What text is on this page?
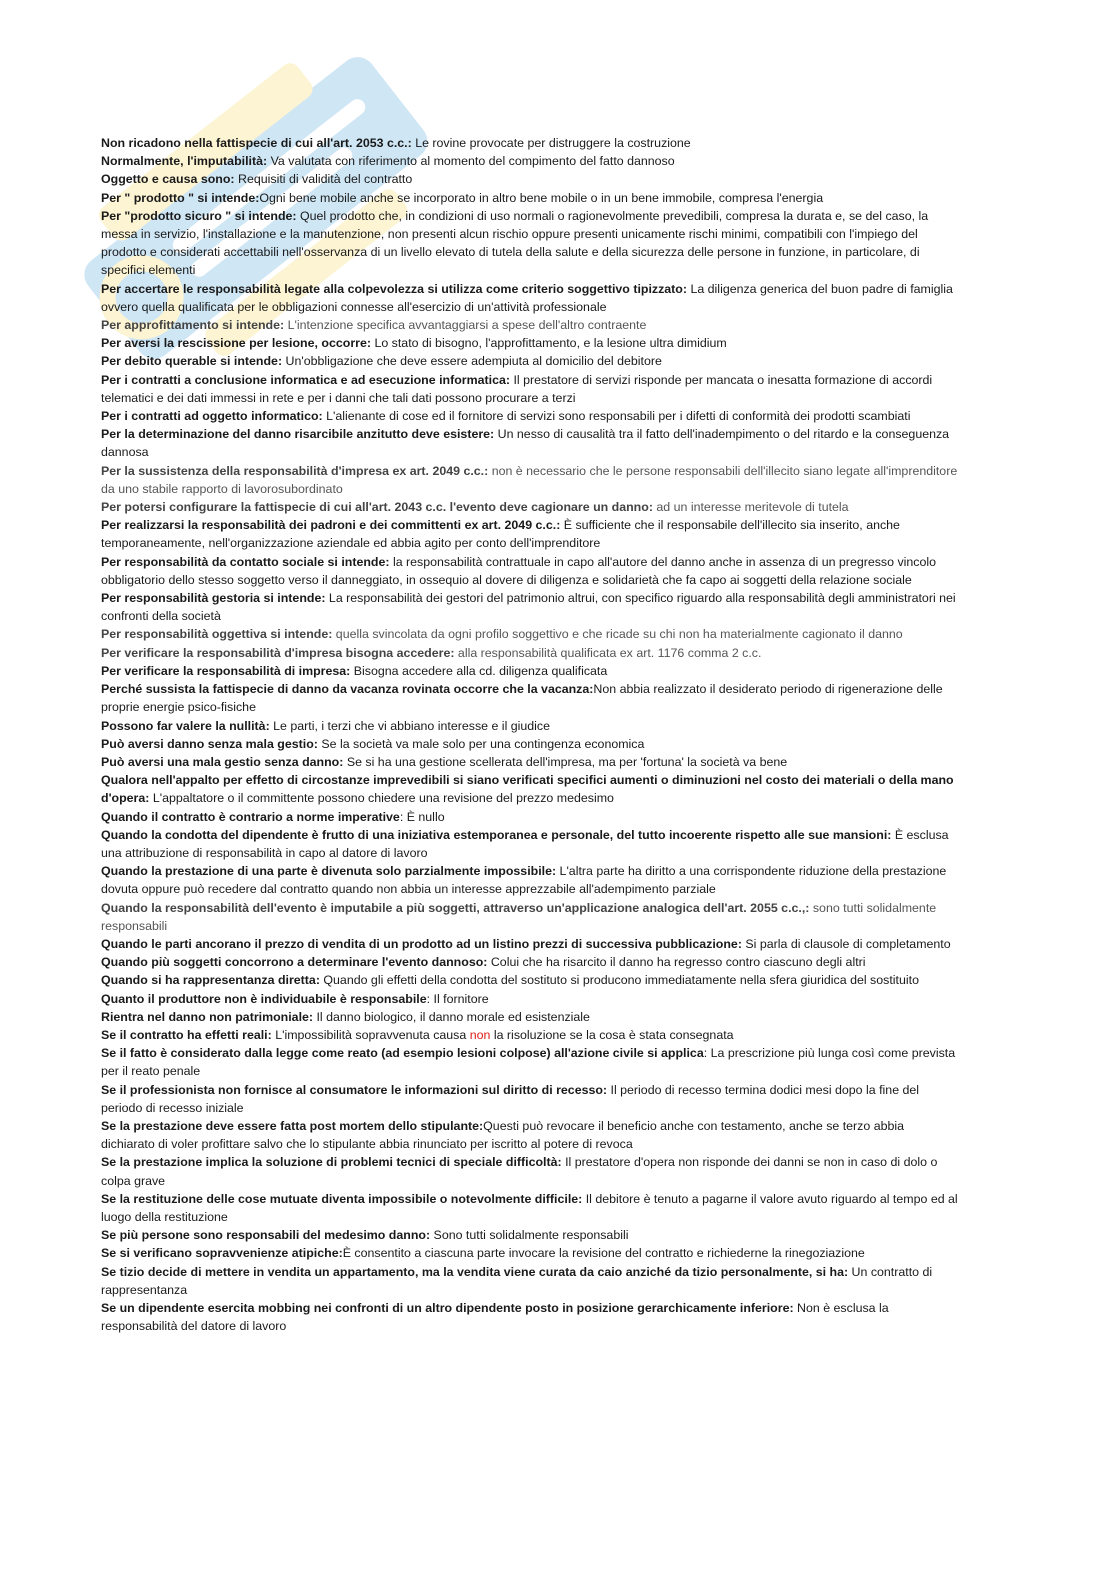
Non ricadono nella fattispecie di cui all'art. 2053 c.c.: Le rovine provocate per distruggere la costruzione

Normalmente, l'imputabilità: Va valutata con riferimento al momento del compimento del fatto dannoso

Oggetto e causa sono: Requisiti di validità del contratto

Per " prodotto " si intende:Ogni bene mobile anche se incorporato in altro bene mobile o in un bene immobile, compresa l'energia

Per "prodotto sicuro " si intende: Quel prodotto che, in condizioni di uso normali o ragionevolmente prevedibili, compresa la durata e, se del caso, la messa in servizio, l'installazione e la manutenzione, non presenti alcun rischio oppure presenti unicamente rischi minimi, compatibili con l'impiego del prodotto e considerati accettabili nell'osservanza di un livello elevato di tutela della salute e della sicurezza delle persone in funzione, in particolare, di specifici elementi

Per accertare le responsabilità legate alla colpevolezza si utilizza come criterio soggettivo tipizzato: La diligenza generica del buon padre di famiglia ovvero quella qualificata per le obbligazioni connesse all'esercizio di un'attività professionale

Per approfittamento si intende: L'intenzione specifica avvantaggiarsi a spese dell'altro contraente

Per aversi la rescissione per lesione, occorre: Lo stato di bisogno, l'approfittamento, e la lesione ultra dimidium

Per debito querable si intende: Un'obbligazione che deve essere adempiuta al domicilio del debitore

Per i contratti a conclusione informatica e ad esecuzione informatica: Il prestatore di servizi risponde per mancata o inesatta formazione di accordi telematici e dei dati immessi in rete e per i danni che tali dati possono procurare a terzi

Per i contratti ad oggetto informatico: L'alienante di cose ed il fornitore di servizi sono responsabili per i difetti di conformità dei prodotti scambiati

Per la determinazione del danno risarcibile anzitutto deve esistere: Un nesso di causalità tra il fatto dell'inadempimento o del ritardo e la conseguenza dannosa

Per la sussistenza della responsabilità d'impresa ex art. 2049 c.c.: non è necessario che le persone responsabili dell'illecito siano legate all'imprenditore da uno stabile rapporto di lavorosubordinato

Per potersi configurare la fattispecie di cui all'art. 2043 c.c. l'evento deve cagionare un danno: ad un interesse meritevole di tutela

Per realizzarsi la responsabilità dei padroni e dei committenti ex art. 2049 c.c.: È sufficiente che il responsabile dell'illecito sia inserito, anche temporaneamente, nell'organizzazione aziendale ed abbia agito per conto dell'imprenditore

Per responsabilità da contatto sociale si intende: la responsabilità contrattuale in capo all'autore del danno anche in assenza di un pregresso vincolo obbligatorio dello stesso soggetto verso il danneggiato, in ossequio al dovere di diligenza e solidarietà che fa capo ai soggetti della relazione sociale

Per responsabilità gestoria si intende: La responsabilità dei gestori del patrimonio altrui, con specifico riguardo alla responsabilità degli amministratori nei confronti della società

Per responsabilità oggettiva si intende: quella svincolata da ogni profilo soggettivo e che ricade su chi non ha materialmente cagionato il danno

Per verificare la responsabilità d'impresa bisogna accedere: alla responsabilità qualificata ex art. 1176 comma 2 c.c.

Per verificare la responsabilità di impresa: Bisogna accedere alla cd. diligenza qualificata

Perché sussista la fattispecie di danno da vacanza rovinata occorre che la vacanza:Non abbia realizzato il desiderato periodo di rigenerazione delle proprie energie psico-fisiche

Possono far valere la nullità: Le parti, i terzi che vi abbiano interesse e il giudice

Può aversi danno senza mala gestio: Se la società va male solo per una contingenza economica

Può aversi una mala gestio senza danno: Se si ha una gestione scellerata dell'impresa, ma per 'fortuna' la società va bene

Qualora nell'appalto per effetto di circostanze imprevedibili si siano verificati specifici aumenti o diminuzioni nel costo dei materiali o della mano d'opera: L'appaltatore o il committente possono chiedere una revisione del prezzo medesimo

Quando il contratto è contrario a norme imperative: È nullo

Quando la condotta del dipendente è frutto di una iniziativa estemporanea e personale, del tutto incoerente rispetto alle sue mansioni: È esclusa una attribuzione di responsabilità in capo al datore di lavoro

Quando la prestazione di una parte è divenuta solo parzialmente impossibile: L'altra parte ha diritto a una corrispondente riduzione della prestazione dovuta oppure può recedere dal contratto quando non abbia un interesse apprezzabile all'adempimento parziale

Quando la responsabilità dell'evento è imputabile a più soggetti, attraverso un'applicazione analogica dell'art. 2055 c.c.,: sono tutti solidalmente responsabili

Quando le parti ancorano il prezzo di vendita di un prodotto ad un listino prezzi di successiva pubblicazione: Si parla di clausole di completamento

Quando più soggetti concorrono a determinare l'evento dannoso: Colui che ha risarcito il danno ha regresso contro ciascuno degli altri

Quando si ha rappresentanza diretta: Quando gli effetti della condotta del sostituto si producono immediatamente nella sfera giuridica del sostituito

Quanto il produttore non è individuabile è responsabile: Il fornitore

Rientra nel danno non patrimoniale: Il danno biologico, il danno morale ed esistenziale

Se il contratto ha effetti reali: L'impossibilità sopravvenuta causa non la risoluzione se la cosa è stata consegnata

Se il fatto è considerato dalla legge come reato (ad esempio lesioni colpose) all'azione civile si applica: La prescrizione più lunga così come prevista per il reato penale

Se il professionista non fornisce al consumatore le informazioni sul diritto di recesso: Il periodo di recesso termina dodici mesi dopo la fine del periodo di recesso iniziale

Se la prestazione deve essere fatta post mortem dello stipulante:Questi può revocare il beneficio anche con testamento, anche se terzo abbia dichiarato di voler profittare salvo che lo stipulante abbia rinunciato per iscritto al potere di revoca

Se la prestazione implica la soluzione di problemi tecnici di speciale difficoltà: Il prestatore d'opera non risponde dei danni se non in caso di dolo o colpa grave

Se la restituzione delle cose mutuate diventa impossibile o notevolmente difficile: Il debitore è tenuto a pagarne il valore avuto riguardo al tempo ed al luogo della restituzione

Se più persone sono responsabili del medesimo danno: Sono tutti solidalmente responsabili

Se si verificano sopravvenienze atipiche:È consentito a ciascuna parte invocare la revisione del contratto e richiederne la rinegoziazione

Se tizio decide di mettere in vendita un appartamento, ma la vendita viene curata da caio anziché da tizio personalmente, si ha: Un contratto di rappresentanza

Se un dipendente esercita mobbing nei confronti di un altro dipendente posto in posizione gerarchicamente inferiore: Non è esclusa la responsabilità del datore di lavoro
